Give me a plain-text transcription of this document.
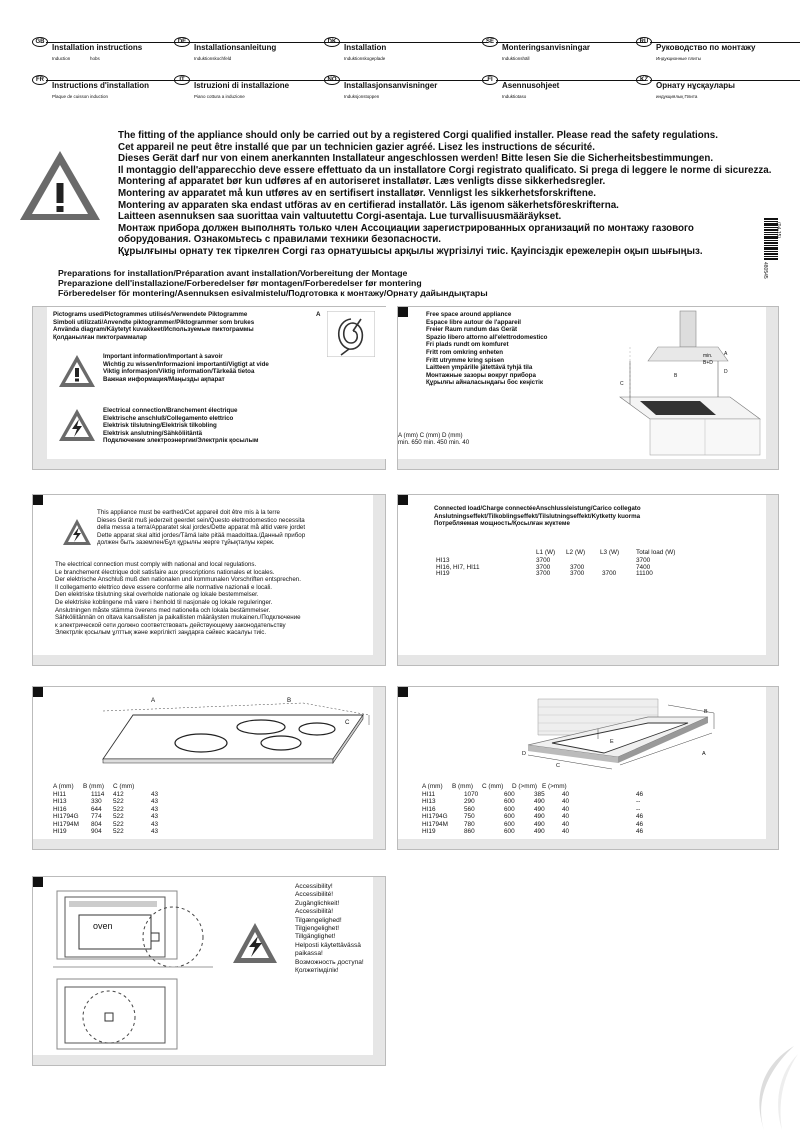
GB
Installation instructions
Induction	hobs
DE
Installationsanleitung
Induktionskochfeld
DK
Installation
Induktionskogeplade
SE
Monteringsanvisningar
Induktionshäll
RU
Руководство по монтажу
Индукционные плиты
FR
Instructions d'installation
Plaque de cuisson induction
IT
Istruzioni di installazione
Piano cottura a induzione
NO
Installasjonsanvisninger
Induksjonstoppen
FI
Asennusohjeet
Induktiotaso
KZ
Орнату нұсқаулары
индукциялық Плита
The fitting of the appliance should only be carried out by a registered Corgi qualified installer. Please read the safety regulations.
Cet appareil ne peut être installé que par un technicien gazier agréé. Lisez les instructions de sécurité.
Dieses Gerät darf nur von einem anerkannten Installateur angeschlossen werden! Bitte lesen Sie die Sicherheitsbestimmungen.
Il montaggio dell'apparecchio deve essere effettuato da un installatore Corgi registrato qualificato. Si prega di leggere le norme di sicurezza.
Montering af apparatet bør kun udføres af en autoriseret installatør. Læs venligts disse sikkerhedsregler.
Montering av apparatet må kun utføres av en sertifisert installatør. Vennligst les sikkerhetsforskriftene.
Montering av apparaten ska endast utföras av en certifierad installatör. Läs igenom säkerhetsföreskrifterna.
Laitteen asennuksen saa suorittaa vain valtuutettu Corgi-asentaja. Lue turvallisuusmääräykset.
Монтаж прибора должен выполнять только член Ассоциации зарегистрированных организаций по монтажу газового
оборудования. Ознакомьтесь с правилами техники безопасности.
Құрылғыны орнату тек тіркелген Corgi газ орнатушысы арқылы жүргізілуі тиіс. Қауіпсіздік ережелерін оқып шығыңыз.
(04-15)
480545
Preparations for installation/Préparation avant installation/Vorbereitung der Montage
Preparazione dell'installazione/Forberedelser før montagen/Forberedelser før montering
Förberedelser för montering/Asennuksen esivalmistelu/Подготовка к монтажу/Орнату дайындықтары
Pictograms used/Pictogrammes utilisés/Verwendete Piktogramme
Simboli utilizzati/Anvendte piktogrammer/Piktogrammer som brukes
Använda diagram/Käytetyt kuvakkeet/Используемые пиктограммы
Қолданылған пиктограммалар
A
Important information/Important à savoir
Wichtig zu wissen/Informazioni importanti/Vigtigt at vide
Viktig informasjon/Viktig information/Tärkeää tietoa
Важная информация/Маңызды ақпарат
Electrical connection/Branchement électrique
Elektrische anschluß/Collegamento elettrico
Elektrisk tilslutning/Elektrisk tilkobling
Elektrisk anslutning/Sähköliitäntä
Подключение электроэнергии/Электрлік қосылым
Free space around appliance
Espace libre autour de l'appareil
Freier Raum rundum das Gerät
Spazio libero attorno all'elettrodomestico
Fri plads rundt om komfuret
Fritt rom omkring enheten
Fritt utrymme kring spisen
Laitteen ympärille jätettävä tyhjä tila
Монтажные зазоры вокруг прибора
Құрылғы айналасындағы бос кеңістік
A
min.
B+D
B
D
C
A (mm) C (mm) D (mm)
min. 650 min. 450 min. 40
This appliance must be earthed/Cet appareil doit être mis à la terre
Dieses Gerät muß jederzeit geerdet sein/Questo elettrodomestico necessita
della messa a terra/Apparatet skal jordes/Dette apparat må altid være jordet
Dette apparat skal altid jordes/Tämä laite pitää maadoittaa./Данный прибор
должен быть заземлен/Бұл құрылғы жерге тұйықталуы керек.
The electrical connection must comply with national and local regulations.
Le branchement électrique doit satisfaire aux prescriptions nationales et locales.
Der elektrische Anschluß muß den nationalen und kommunalen Vorschriften entsprechen.
Il collegamento elettrico deve essere conforme alle normative nazionali e locali.
Den elektriske tilslutning skal overholde nationale og lokale bestemmelser.
De elektriske koblingene må være i henhold til nasjonale og lokale reguleringer.
Anslutningen måste stämma överens med nationella och lokala bestämmelser.
Sähköliitännän on oltava kansallisten ja paikallisten määräysten mukainen./Подключение
к электрической сети должно соответствовать действующему законодательству
Электрлік қосылым ұлттық және жергілікті заңдарға сәйкес жасалуы тиіс.
Connected load/Charge connectéeAnschlussleistung/Carico collegato
Anslutningseffekt/Tilkoblingseffekt/Tilslutningseffekt/Kytketty kuorma
Потребляемая мощность/Қосылған жүктеме
L1 (W) L2 (W) L3 (W)	Total load (W)
HI13	3700	3700
HI16, HI7, HI11	3700	3700	7400
HI19	3700	3700	3700	11100
A	B
C
A (mm) B (mm) C (mm)
HI11	1114 412	43
HI13	330 522	43
HI16	644 522	43
HI1794G 774 522	43
HI1794M 804 522	43
HI19	904 522	43
B
E
D	A
C
A (mm) B (mm) C (mm) D (>mm) E (>mm)
HI11	1070	600	385	40	46
HI13	290	600	490	40	--
HI16	560	600	490	40	--
HI1794G	750	600	490	40	46
HI1794M	780	600	490	40	46
HI19	860	600	490	40	46
oven
Accessibility!
Accessibilité!
Zugänglichkeit!
Accessibilità!
Tilgængelighed!
Tilgjengelighet!
Tillgänglighet!
Helposti käytettävässä
paikassa!
Возможность доступа!
Қолжетімділік!
